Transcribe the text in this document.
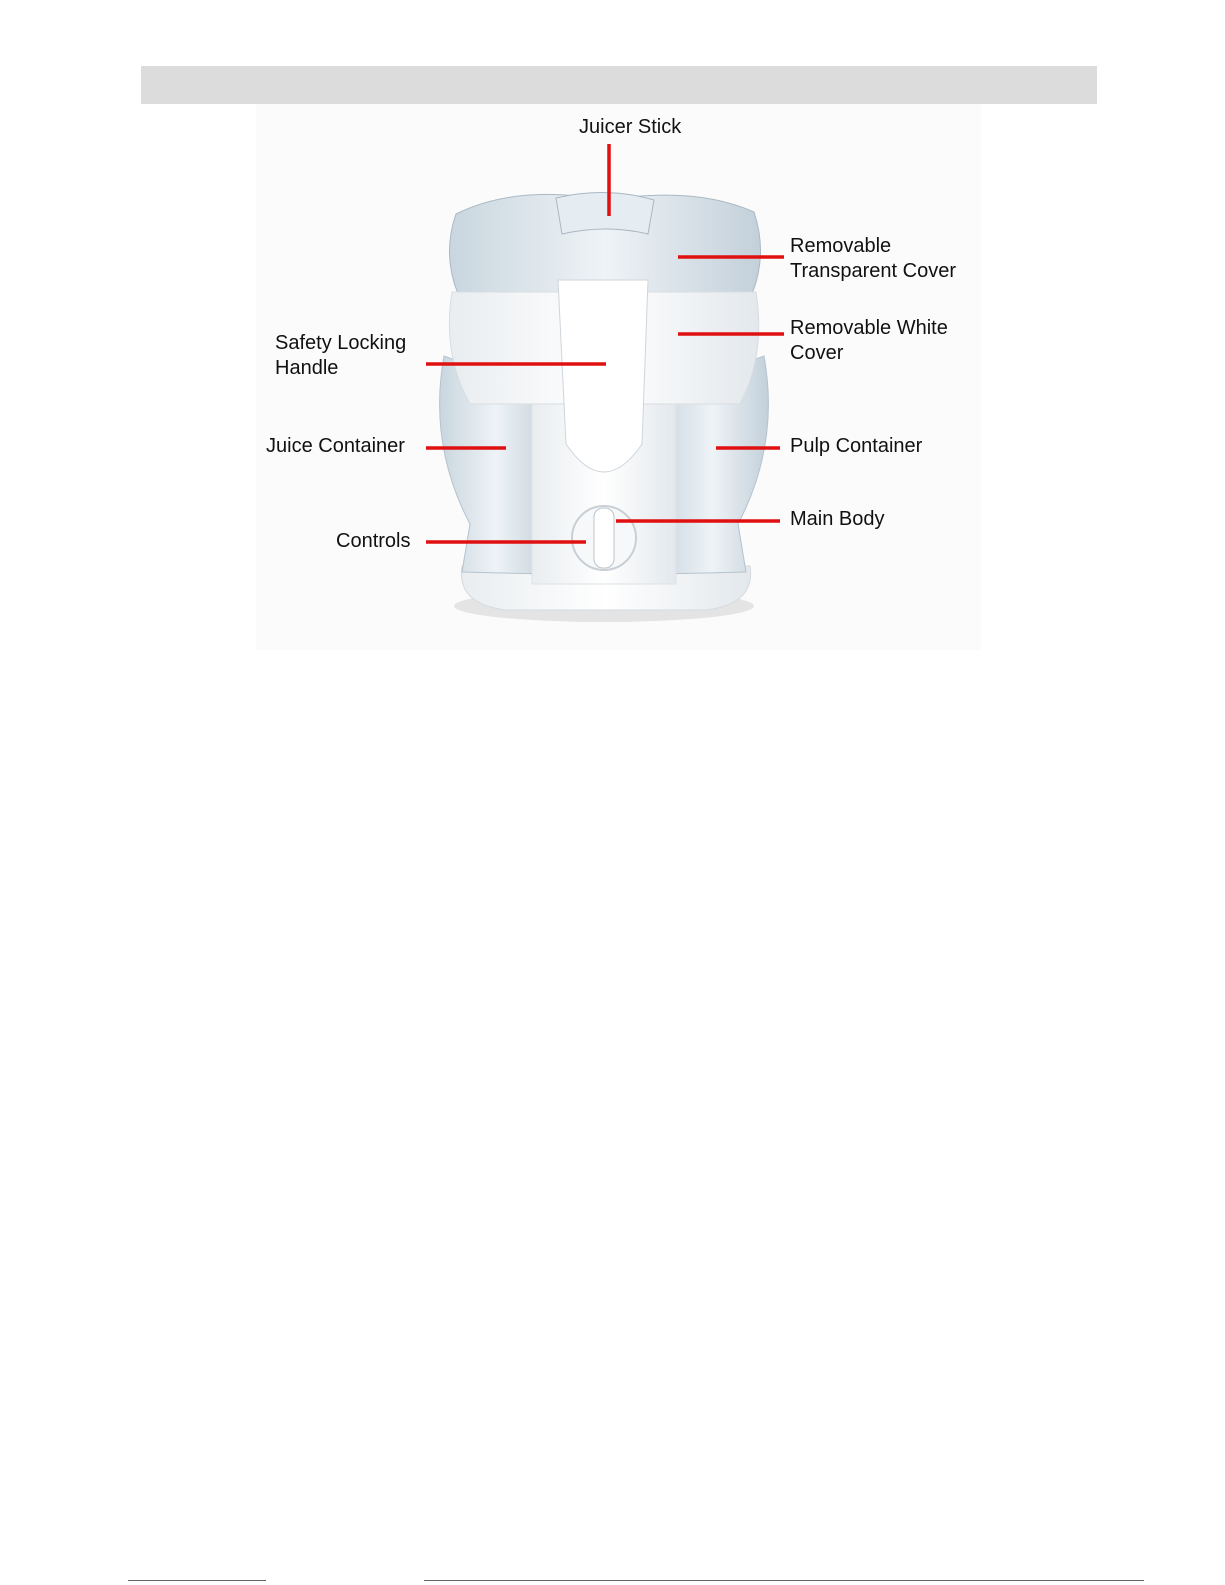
Juicer Stick
Removable
Transparent Cover
Removable White
Cover
Safety Locking
Handle
Juice Container	Pulp Container
Main Body
Controls
